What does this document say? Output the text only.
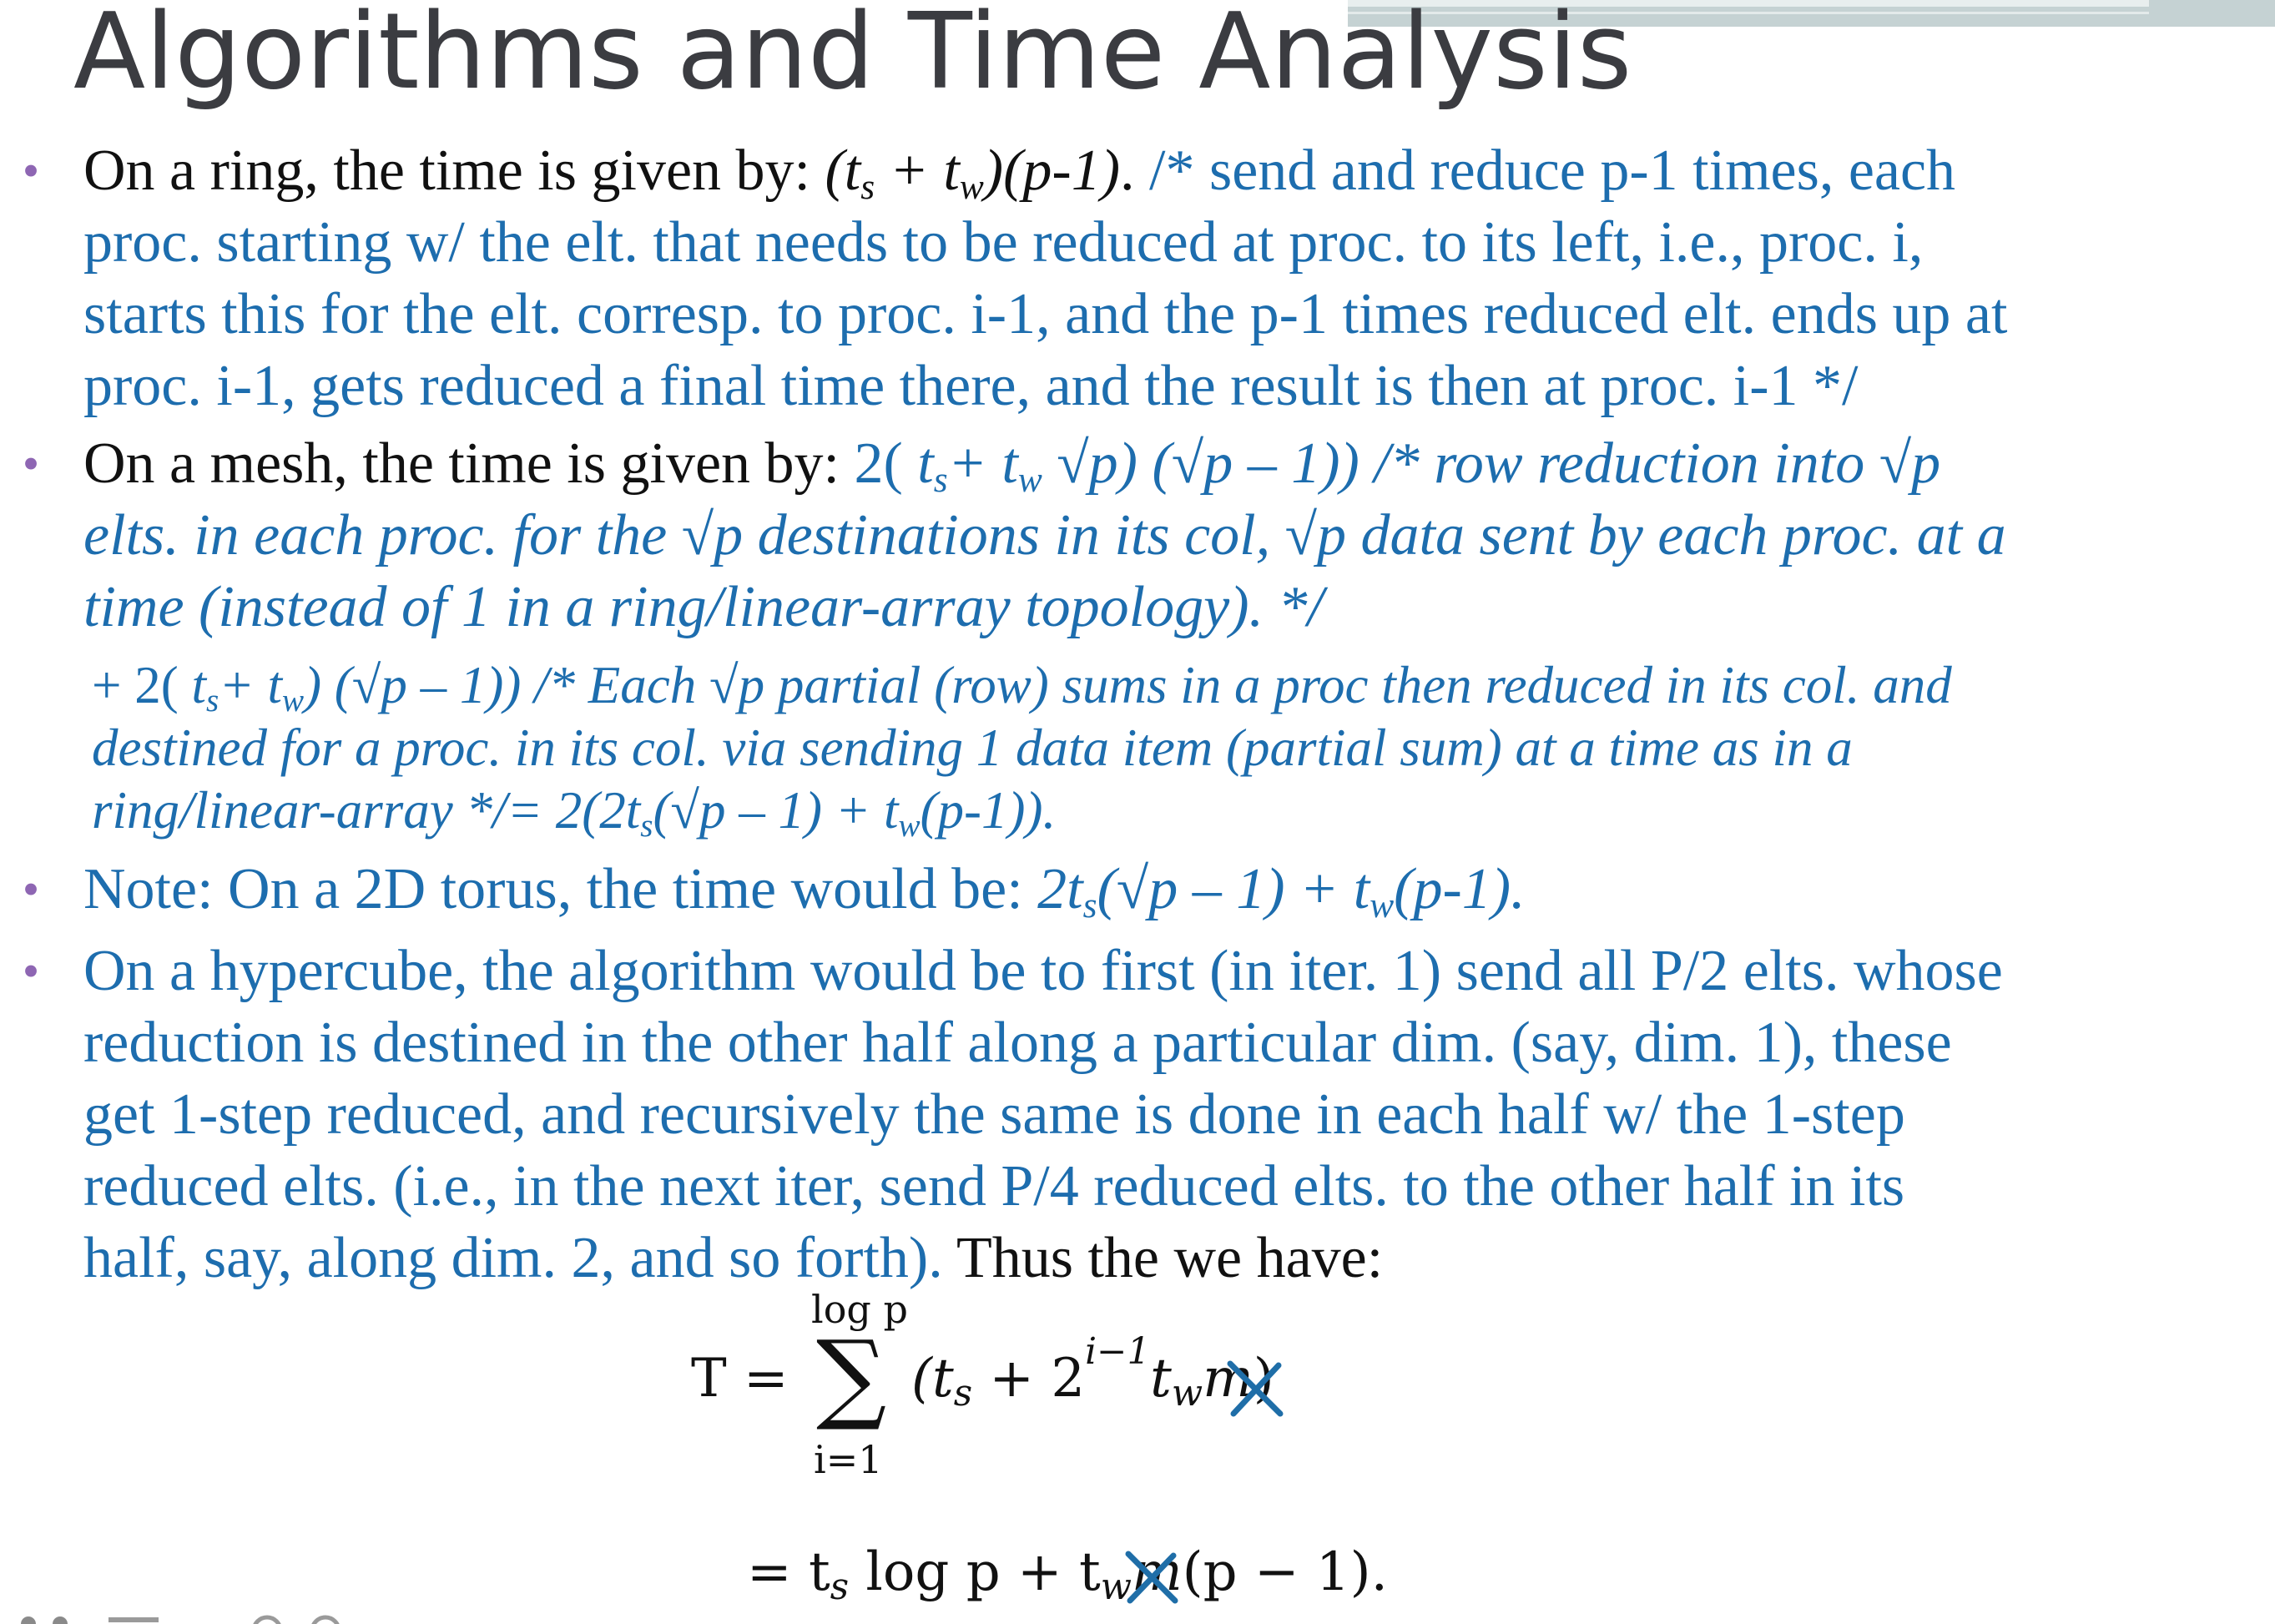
Algorithms and Time Analysis
• On a ring, the time is given by: $(t_s + t_w)(p-1)$. /* send and reduce p-1 times, each

proc. starting w/ the elt. that needs to be reduced at proc. to its left, i.e., proc. i,

starts this for the elt. corresp. to proc. i-1, and the p-1 times reduced elt. ends up at

proc. i-1, gets reduced a final time there, and the result is then at proc. i-1 */

• On a mesh, the time is given by: 2( $t_s+ t_w$ √p) (√p – 1)) /* row reduction into √p

elts. in each proc. for the √p destinations in its col, √p data sent by each proc. at a

time (instead of 1 in a ring/linear-array topology). */

+ 2( $t_s+ t_w$) (√p – 1)) /* Each √p partial (row) sums in a proc then reduced in its col. and

destined for a proc. in its col. via sending 1 data item (partial sum) at a time as in a

ring/linear-array */= $2(2t_s(√p - 1) + t_w(p-1))$.

• Note: On a 2D torus, the time would be: $2t_s(√p - 1) + t_w(p-1)$.

• On a hypercube, the algorithm would be to first (in iter. 1) send all P/2 elts. whose

reduction is destined in the other half along a particular dim. (say, dim. 1), these

get 1-step reduced, and recursively the same is done in each half w/ the 1-step

reduced elts. (i.e., in the next iter, send P/4 reduced elts. to the other half in its

half, say, along dim. 2, and so forth). Thus the we have:

log p
T = ∑ $(t_s + 2^{i-1}t_wm)$
i=1
= $t_s$ $\log p + t_wm(p - 1)$.
